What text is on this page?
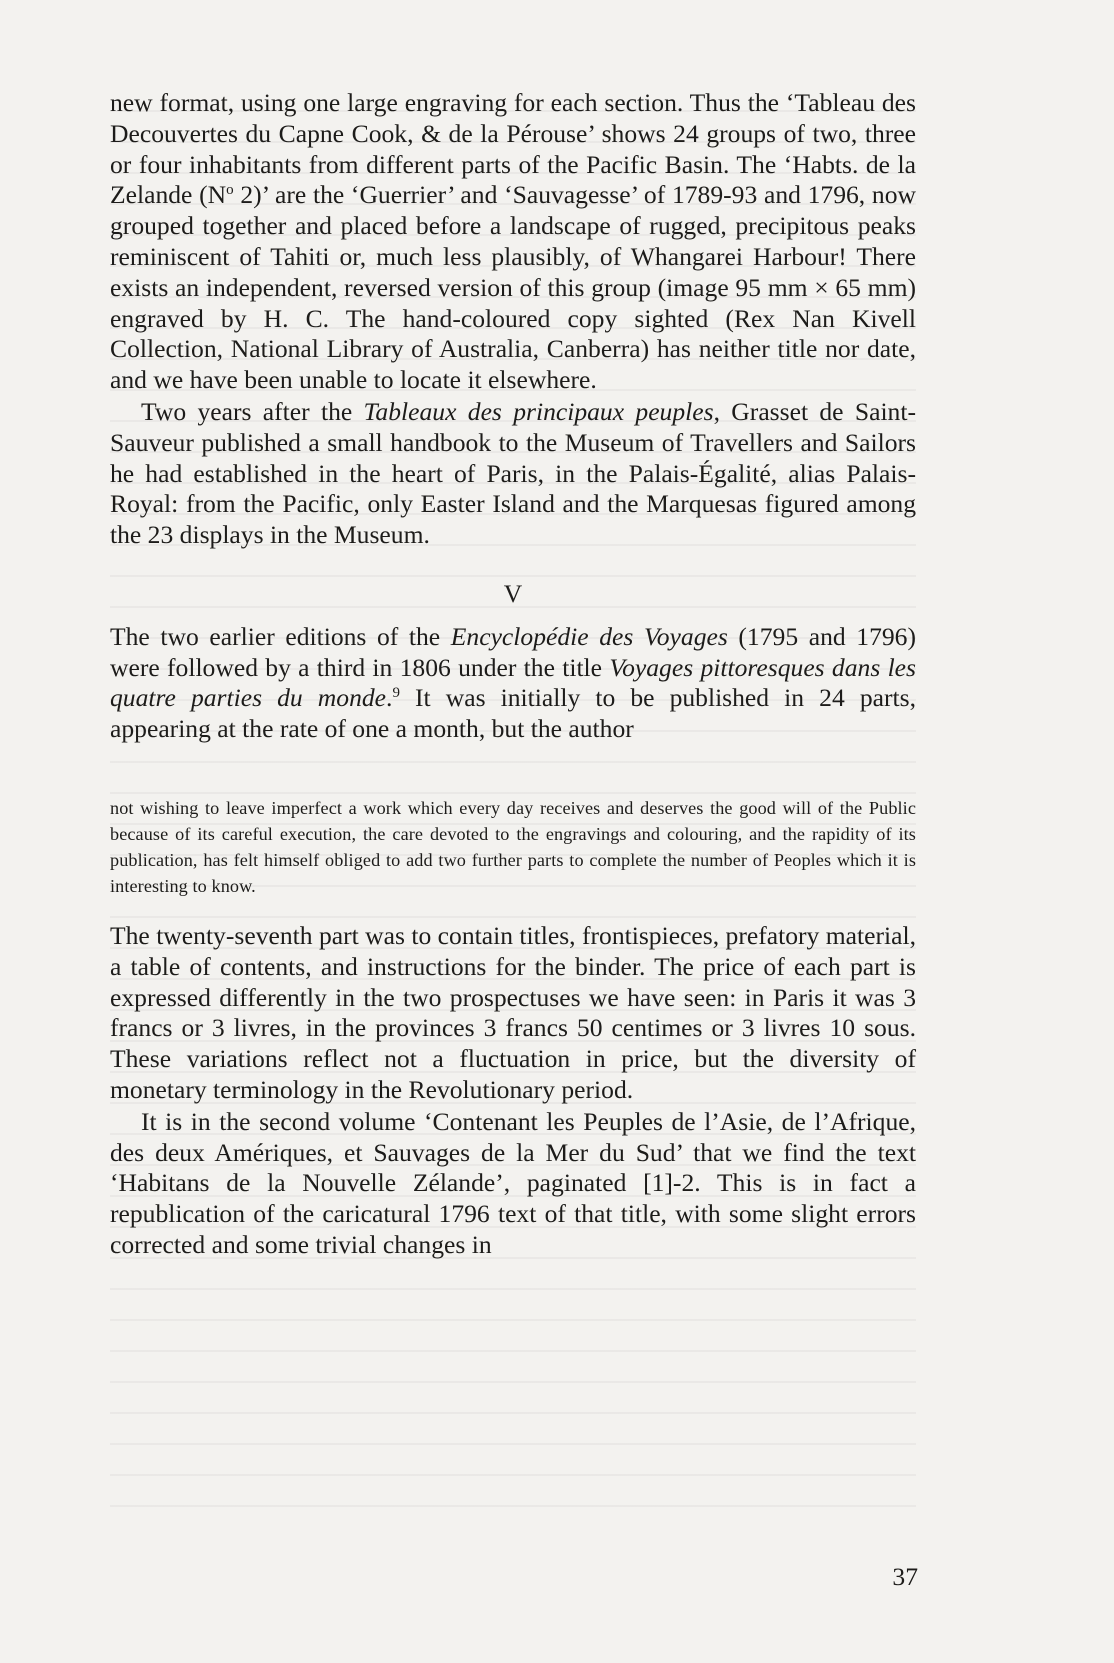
new format, using one large engraving for each section. Thus the ‘Tableau des Decouvertes du Capne Cook, & de la Pérouse’ shows 24 groups of two, three or four inhabitants from different parts of the Pacific Basin. The ‘Habts. de la Zelande ($N^o$ 2)’ are the ‘Guerrier’ and ‘Sauvagesse’ of 1789-93 and 1796, now grouped together and placed before a landscape of rugged, precipitous peaks reminiscent of Tahiti or, much less plausibly, of Whangarei Harbour! There exists an independent, reversed version of this group (image 95 mm × 65 mm) engraved by H. C. The hand-coloured copy sighted (Rex Nan Kivell Collection, National Library of Australia, Canberra) has neither title nor date, and we have been unable to locate it elsewhere.

Two years after the Tableaux des principaux peuples, Grasset de Saint-Sauveur published a small handbook to the Museum of Travellers and Sailors he had established in the heart of Paris, in the Palais-Égalité, alias Palais-Royal: from the Pacific, only Easter Island and the Marquesas figured among the 23 displays in the Museum.

V

The two earlier editions of the Encyclopédie des Voyages (1795 and 1796) were followed by a third in 1806 under the title Voyages pittoresques dans les quatre parties du monde.$^9$ It was initially to be published in 24 parts, appearing at the rate of one a month, but the author

not wishing to leave imperfect a work which every day receives and deserves the good will of the Public because of its careful execution, the care devoted to the engravings and colouring, and the rapidity of its publication, has felt himself obliged to add two further parts to complete the number of Peoples which it is interesting to know.

The twenty-seventh part was to contain titles, frontispieces, prefatory material, a table of contents, and instructions for the binder. The price of each part is expressed differently in the two prospectuses we have seen: in Paris it was 3 francs or 3 livres, in the provinces 3 francs 50 centimes or 3 livres 10 sous. These variations reflect not a fluctuation in price, but the diversity of monetary terminology in the Revolutionary period.

It is in the second volume ‘Contenant les Peuples de l’Asie, de l’Afrique, des deux Amériques, et Sauvages de la Mer du Sud’ that we find the text ‘Habitans de la Nouvelle Zélande’, paginated [1]-2. This is in fact a republication of the caricatural 1796 text of that title, with some slight errors corrected and some trivial changes in

37
